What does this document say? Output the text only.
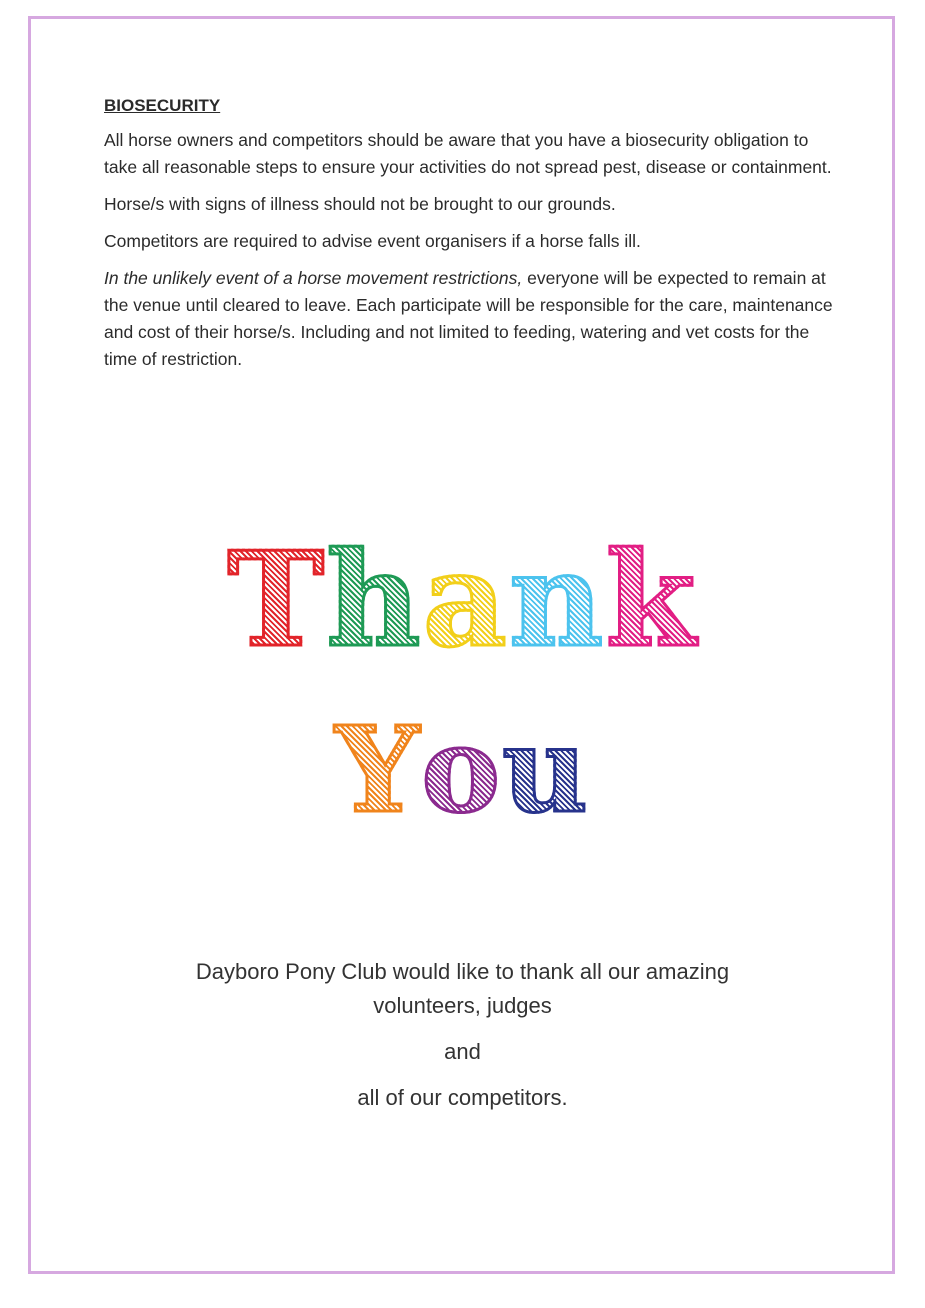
BIOSECURITY

All horse owners and competitors should be aware that you have a biosecurity obligation to take all reasonable steps to ensure your activities do not spread pest, disease or containment.

Horse/s with signs of illness should not be brought to our grounds.

Competitors are required to advise event organisers if a horse falls ill.

In the unlikely event of a horse movement restrictions, everyone will be expected to remain at the venue until cleared to leave. Each participate will be responsible for the care, maintenance and cost of their horse/s. Including and not limited to feeding, watering and vet costs for the time of restriction.

Thank
You

Dayboro Pony Club would like to thank all our amazing volunteers, judges

and

all of our competitors.
